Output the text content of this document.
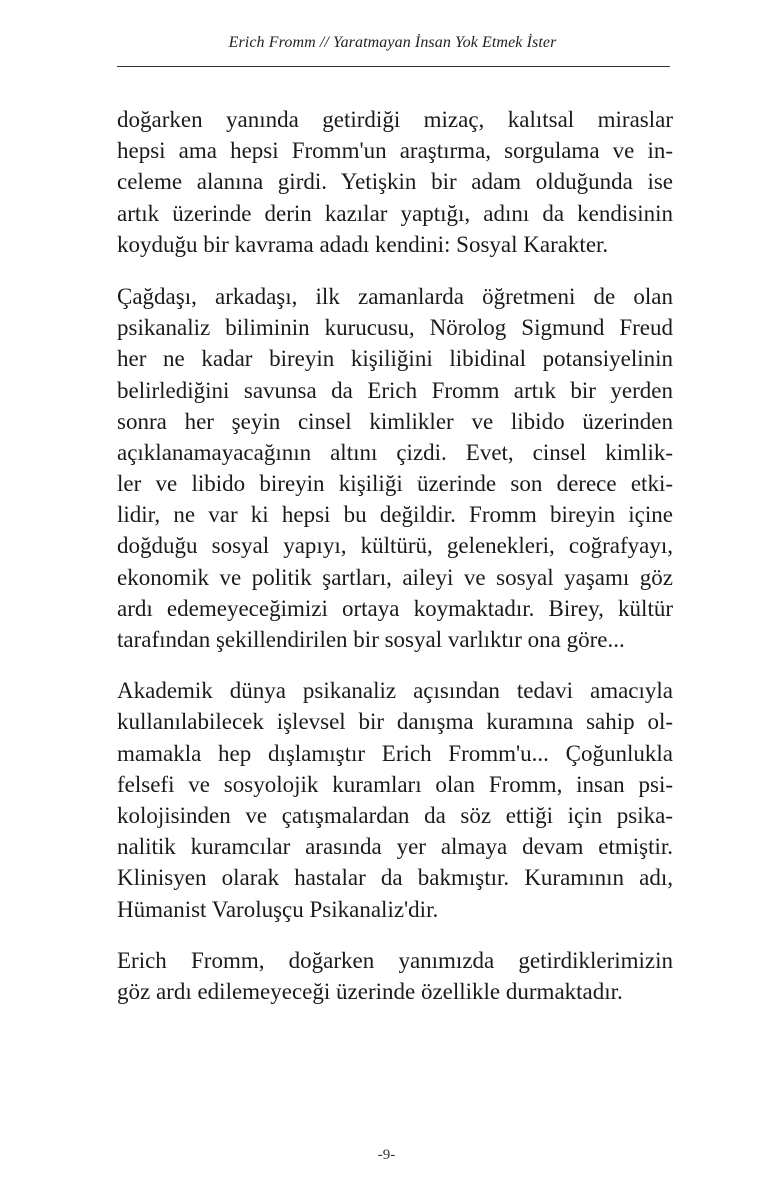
Erich Fromm // Yaratmayan İnsan Yok Etmek İster
doğarken yanında getirdiği mizaç, kalıtsal miraslar
hepsi ama hepsi Fromm'un araştırma, sorgulama ve in-
celeme alanına girdi. Yetişkin bir adam olduğunda ise
artık üzerinde derin kazılar yaptığı, adını da kendisinin
koyduğu bir kavrama adadı kendini: Sosyal Karakter.
Çağdaşı, arkadaşı, ilk zamanlarda öğretmeni de olan
psikanaliz biliminin kurucusu, Nörolog Sigmund Freud
her ne kadar bireyin kişiliğini libidinal potansiyelinin
belirlediğini savunsa da Erich Fromm artık bir yerden
sonra her şeyin cinsel kimlikler ve libido üzerinden
açıklanamayacağının altını çizdi. Evet, cinsel kimlik-
ler ve libido bireyin kişiliği üzerinde son derece etki-
lidir, ne var ki hepsi bu değildir. Fromm bireyin içine
doğduğu sosyal yapıyı, kültürü, gelenekleri, coğrafyayı,
ekonomik ve politik şartları, aileyi ve sosyal yaşamı göz
ardı edemeyeceğimizi ortaya koymaktadır. Birey, kültür
tarafından şekillendirilen bir sosyal varlıktır ona göre...
Akademik dünya psikanaliz açısından tedavi amacıyla
kullanılabilecek işlevsel bir danışma kuramına sahip ol-
mamakla hep dışlamıştır Erich Fromm'u... Çoğunlukla
felsefi ve sosyolojik kuramları olan Fromm, insan psi-
kolojisinden ve çatışmalardan da söz ettiği için psika-
nalitik kuramcılar arasında yer almaya devam etmiştir.
Klinisyen olarak hastalar da bakmıştır. Kuramının adı,
Hümanist Varoluşçu Psikanaliz'dir.
Erich Fromm, doğarken yanımızda getirdiklerimizin
göz ardı edilemeyeceği üzerinde özellikle durmaktadır.
-9-
